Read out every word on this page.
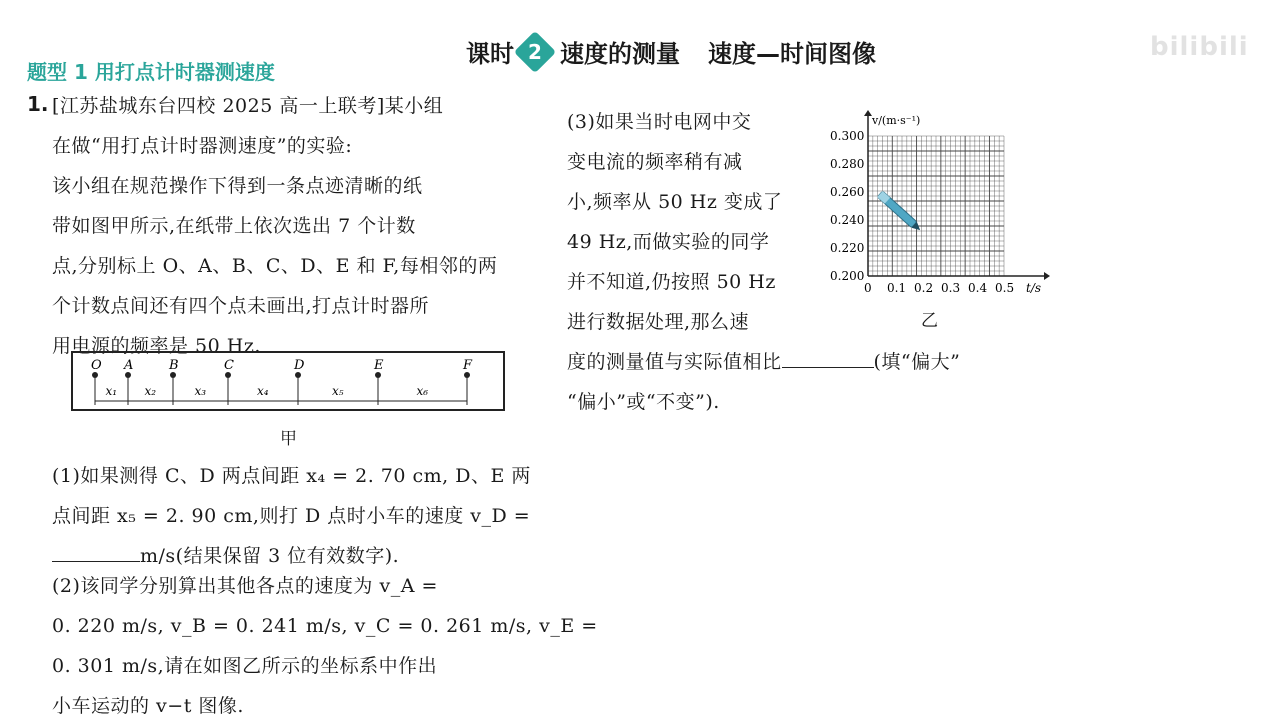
课时 2 速度的测量 速度—时间图像	bilibili
题型 1 用打点计时器测速度
1. [江苏盐城东台四校 2025 高一上联考]某小组
在做“用打点计时器测速度”的实验:
该小组在规范操作下得到一条点迹清晰的纸
带如图甲所示,在纸带上依次选出 7 个计数
点,分别标上 O、A、B、C、D、E 和 F,每相邻的两
个计数点间还有四个点未画出,打点计时器所
用电源的频率是 50 Hz.
O A	B	C	D	E	F
x₁ x₂	x₃	x₄	x₅	x₆
甲
(1)如果测得 C、D 两点间距 x₄ = 2. 70 cm, D、E 两
点间距 x₅ = 2. 90 cm,则打 D 点时小车的速度 v_D =
m/s(结果保留 3 位有效数字).
(2)该同学分别算出其他各点的速度为 v_A =
0. 220 m/s, v_B = 0. 241 m/s, v_C = 0. 261 m/s, v_E =
0. 301 m/s,请在如图乙所示的坐标系中作出
小车运动的 v−t 图像.
(3)如果当时电网中交
变电流的频率稍有减
小,频率从 50 Hz 变成了
49 Hz,而做实验的同学
并不知道,仍按照 50 Hz
进行数据处理,那么速
度的测量值与实际值相比	(填“偏大”
“偏小”或“不变”).
v/(m·s⁻¹)
t/s
0.300
0.280
0.260
0.240
0.220
0.200
0 0.1 0.2 0.3 0.4 0.5
乙
